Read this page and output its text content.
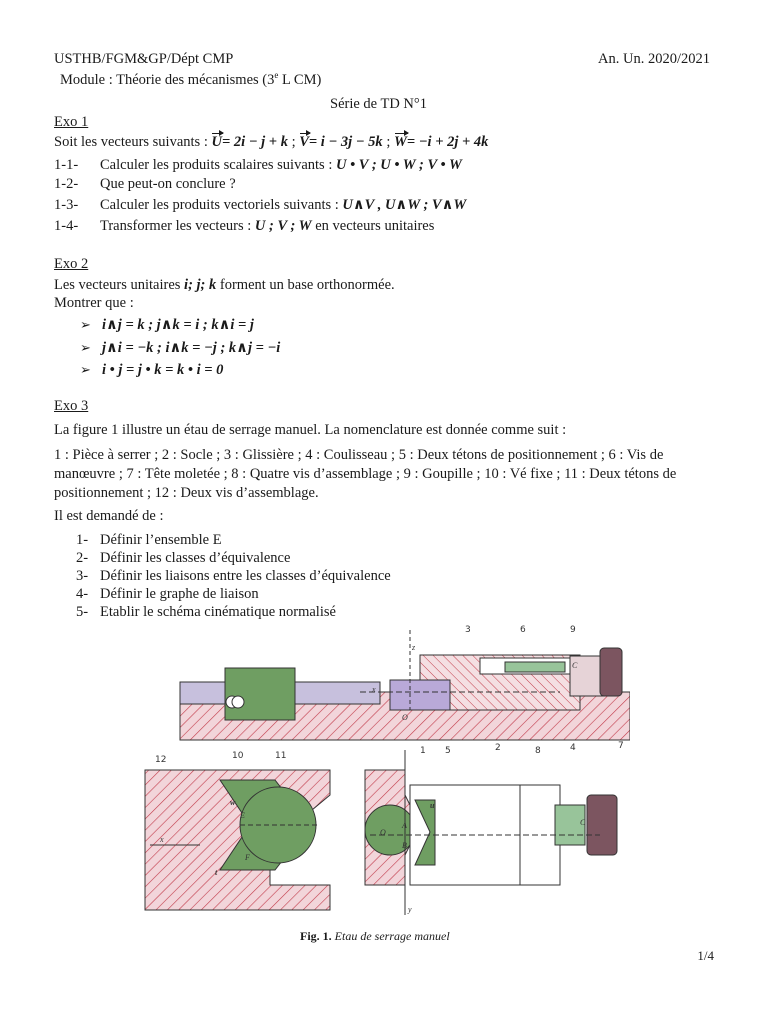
USTHB/FGM&GP/Dépt CMP	An. Un. 2020/2021
Module : Théorie des mécanismes (3e L CM)
Série de TD N°1
Exo 1
Soit les vecteurs suivants : U= 2i − j + k ; V= i − 3j − 5k ; W= −i + 2j + 4k
1-1- Calculer les produits scalaires suivants : U • V ; U • W ; V • W
1-2- Que peut-on conclure ?
1-3- Calculer les produits vectoriels suivants : U∧V , U∧W ; V∧W
1-4- Transformer les vecteurs : U ; V ; W en vecteurs unitaires
Exo 2
Les vecteurs unitaires i; j; k forment un base orthonormée.
Montrer que :
➢ i∧j = k ; j∧k = i ; k∧i = j
➢ j∧i = −k ; i∧k = −j ; k∧j = −i
➢ i • j = j • k = k • i = 0
Exo 3
La figure 1 illustre un étau de serrage manuel. La nomenclature est donnée comme suit :
1 : Pièce à serrer ; 2 : Socle ; 3 : Glissière ; 4 : Coulisseau ; 5 : Deux tétons de positionnement ; 6 : Vis de manœuvre ; 7 : Tête moletée ; 8 : Quatre vis d’assemblage ; 9 : Goupille ; 10 : Vé fixe ; 11 : Deux tétons de positionnement ; 12 : Deux vis d’assemblage.
Il est demandé de :
1- Définir l’ensemble E
2- Définir les classes d’équivalence
3- Définir les liaisons entre les classes d’équivalence
4- Définir le graphe de liaison
5- Etablir le schéma cinématique normalisé
3	6	9
2	4	7
12	10	11	1 5	8
z
x
O
C
E
F
w
t
x
O
A
B
u
C
y
Fig. 1. Etau de serrage manuel
1/4
